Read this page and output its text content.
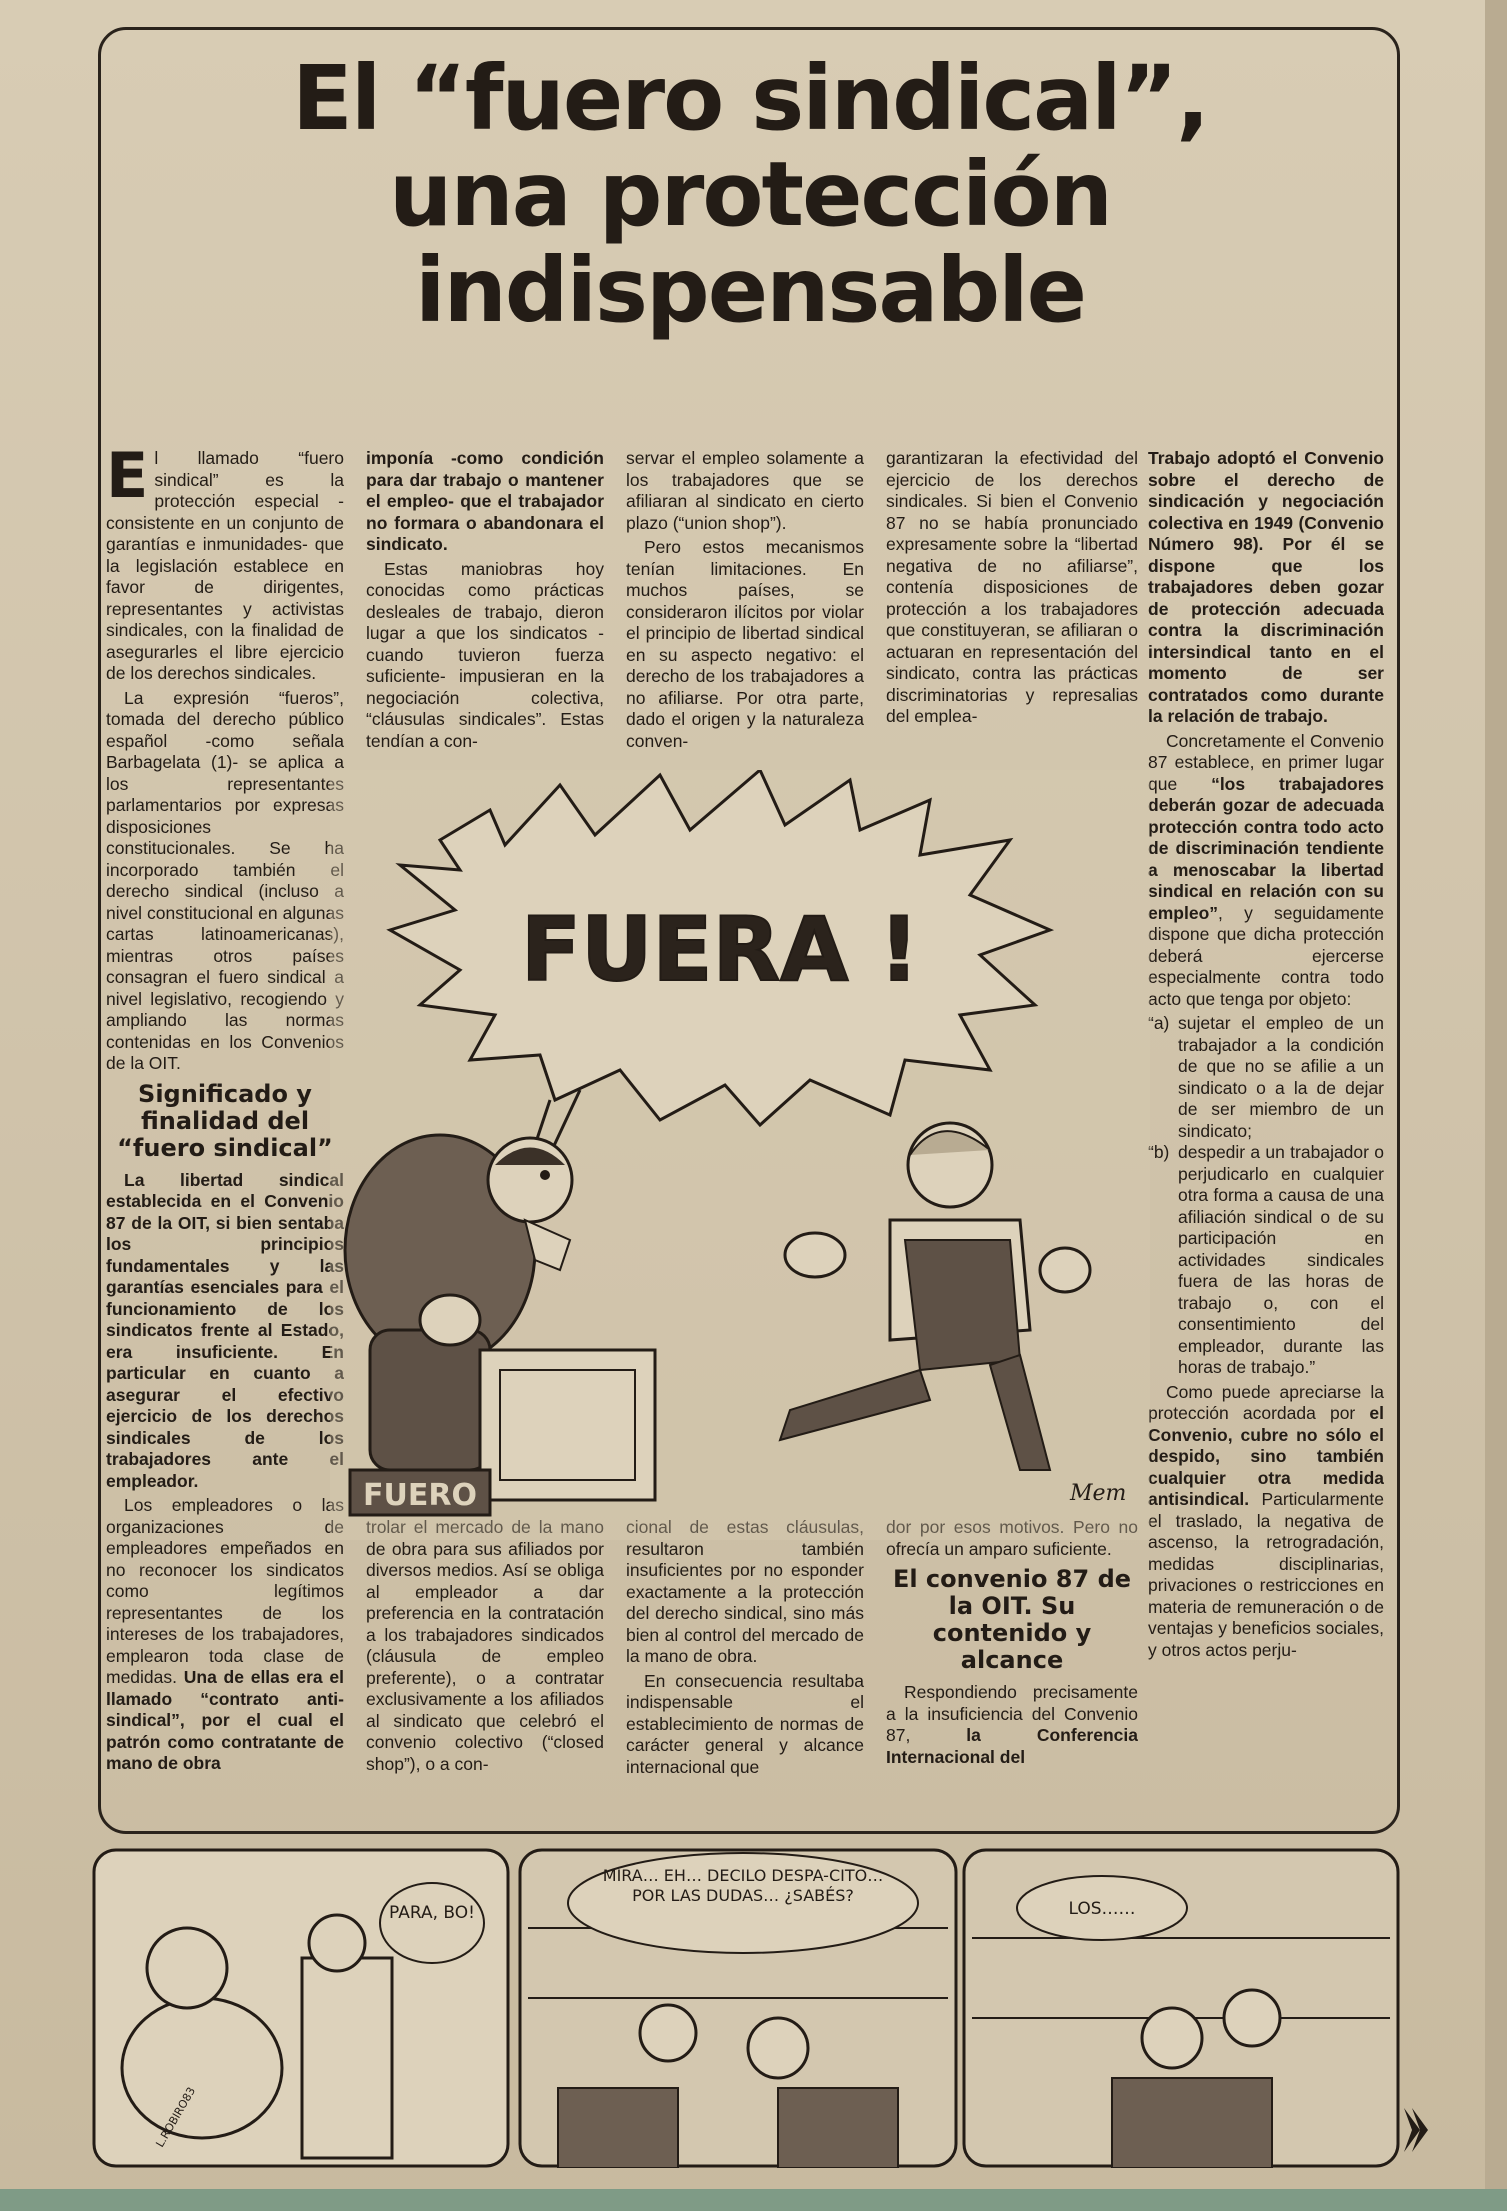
El “fuero sindical”,
una protección
indispensable

El llamado “fuero sindical” es la protección especial -consistente en un conjunto de garantías e inmunidades- que la legislación establece en favor de dirigentes, representantes y activistas sindicales, con la finalidad de asegurarles el libre ejercicio de los derechos sindicales.

La expresión “fueros”, tomada del derecho público español -como señala Barbagelata (1)- se aplica a los representantes parlamentarios por expresas disposiciones constitucionales. Se ha incorporado también el derecho sindical (incluso a nivel constitucional en algunas cartas latinoamericanas), mientras otros países consagran el fuero sindical a nivel legislativo, recogiendo y ampliando las normas contenidas en los Convenios de la OIT.

Significado y finalidad del “fuero sindical”

La libertad sindical establecida en el Convenio 87 de la OIT, si bien sentaba los principios fundamentales y las garantías esenciales para el funcionamiento de los sindicatos frente al Estado, era insuficiente. En particular en cuanto a asegurar el efectivo ejercicio de los derechos sindicales de los trabajadores ante el empleador.

Los empleadores o las organizaciones de empleadores empeñados en no reconocer los sindicatos como legítimos representantes de los intereses de los trabajadores, emplearon toda clase de medidas. Una de ellas era el llamado “contrato anti-sindical”, por el cual el patrón como contratante de mano de obra

imponía -como condición para dar trabajo o mantener el empleo- que el trabajador no formara o abandonara el sindicato.

Estas maniobras hoy conocidas como prácticas desleales de trabajo, dieron lugar a que los sindicatos -cuando tuvieron fuerza suficiente- impusieran en la negociación colectiva, “cláusulas sindicales”. Estas tendían a con-

servar el empleo solamente a los trabajadores que se afiliaran al sindicato en cierto plazo (“union shop”).

Pero estos mecanismos tenían limitaciones. En muchos países, se consideraron ilícitos por violar el principio de libertad sindical en su aspecto negativo: el derecho de los trabajadores a no afiliarse. Por otra parte, dado el origen y la naturaleza conven-

garantizaran la efectividad del ejercicio de los derechos sindicales. Si bien el Convenio 87 no se había pronunciado expresamente sobre la “libertad negativa de no afiliarse”, contenía disposiciones de protección a los trabajadores que constituyeran, se afiliaran o actuaran en representación del sindicato, contra las prácticas discriminatorias y represalias del emplea-

Trabajo adoptó el Convenio sobre el derecho de sindicación y negociación colectiva en 1949 (Convenio Número 98). Por él se dispone que los trabajadores deben gozar de protección adecuada contra la discriminación intersindical tanto en el momento de ser contratados como durante la relación de trabajo.

Concretamente el Convenio 87 establece, en primer lugar que “los trabajadores deberán gozar de adecuada protección contra todo acto de discriminación tendiente a menoscabar la libertad sindical en relación con su empleo”, y seguidamente dispone que dicha protección deberá ejercerse especialmente contra todo acto que tenga por objeto:

“a) sujetar el empleo de un trabajador a la condición de que no se afilie a un sindicato o a la de dejar de ser miembro de un sindicato;
“b) despedir a un trabajador o perjudicarlo en cualquier otra forma a causa de una afiliación sindical o de su participación en actividades sindicales fuera de las horas de trabajo o, con el consentimiento del empleador, durante las horas de trabajo.”

Como puede apreciarse la protección acordada por el Convenio, cubre no sólo el despido, sino también cualquier otra medida antisindical. Particularmente el traslado, la negativa de ascenso, la retrogradación, medidas disciplinarias, privaciones o restricciones en materia de remuneración o de ventajas y beneficios sociales, y otros actos perju-

trolar el mercado de la mano de obra para sus afiliados por diversos medios. Así se obliga al empleador a dar preferencia en la contratación a los trabajadores sindicados (cláusula de empleo preferente), o a contratar exclusivamente a los afiliados al sindicato que celebró el convenio colectivo (“closed shop”), o a con-

cional de estas cláusulas, resultaron también insuficientes por no esponder exactamente a la protección del derecho sindical, sino más bien al control del mercado de la mano de obra.

En consecuencia resultaba indispensable el establecimiento de normas de carácter general y alcance internacional que

dor por esos motivos. Pero no ofrecía un amparo suficiente.

El convenio 87 de la OIT. Su contenido y alcance

Respondiendo precisamente a la insuficiencia del Convenio 87, la Conferencia Internacional del

FUERA !
FUERO	Mem
PARA, BO!
L.ROBIRO83
MIRA… EH… DECILO DESPA-CITO… POR LAS DUDAS… ¿SABÉS?
LOS……
